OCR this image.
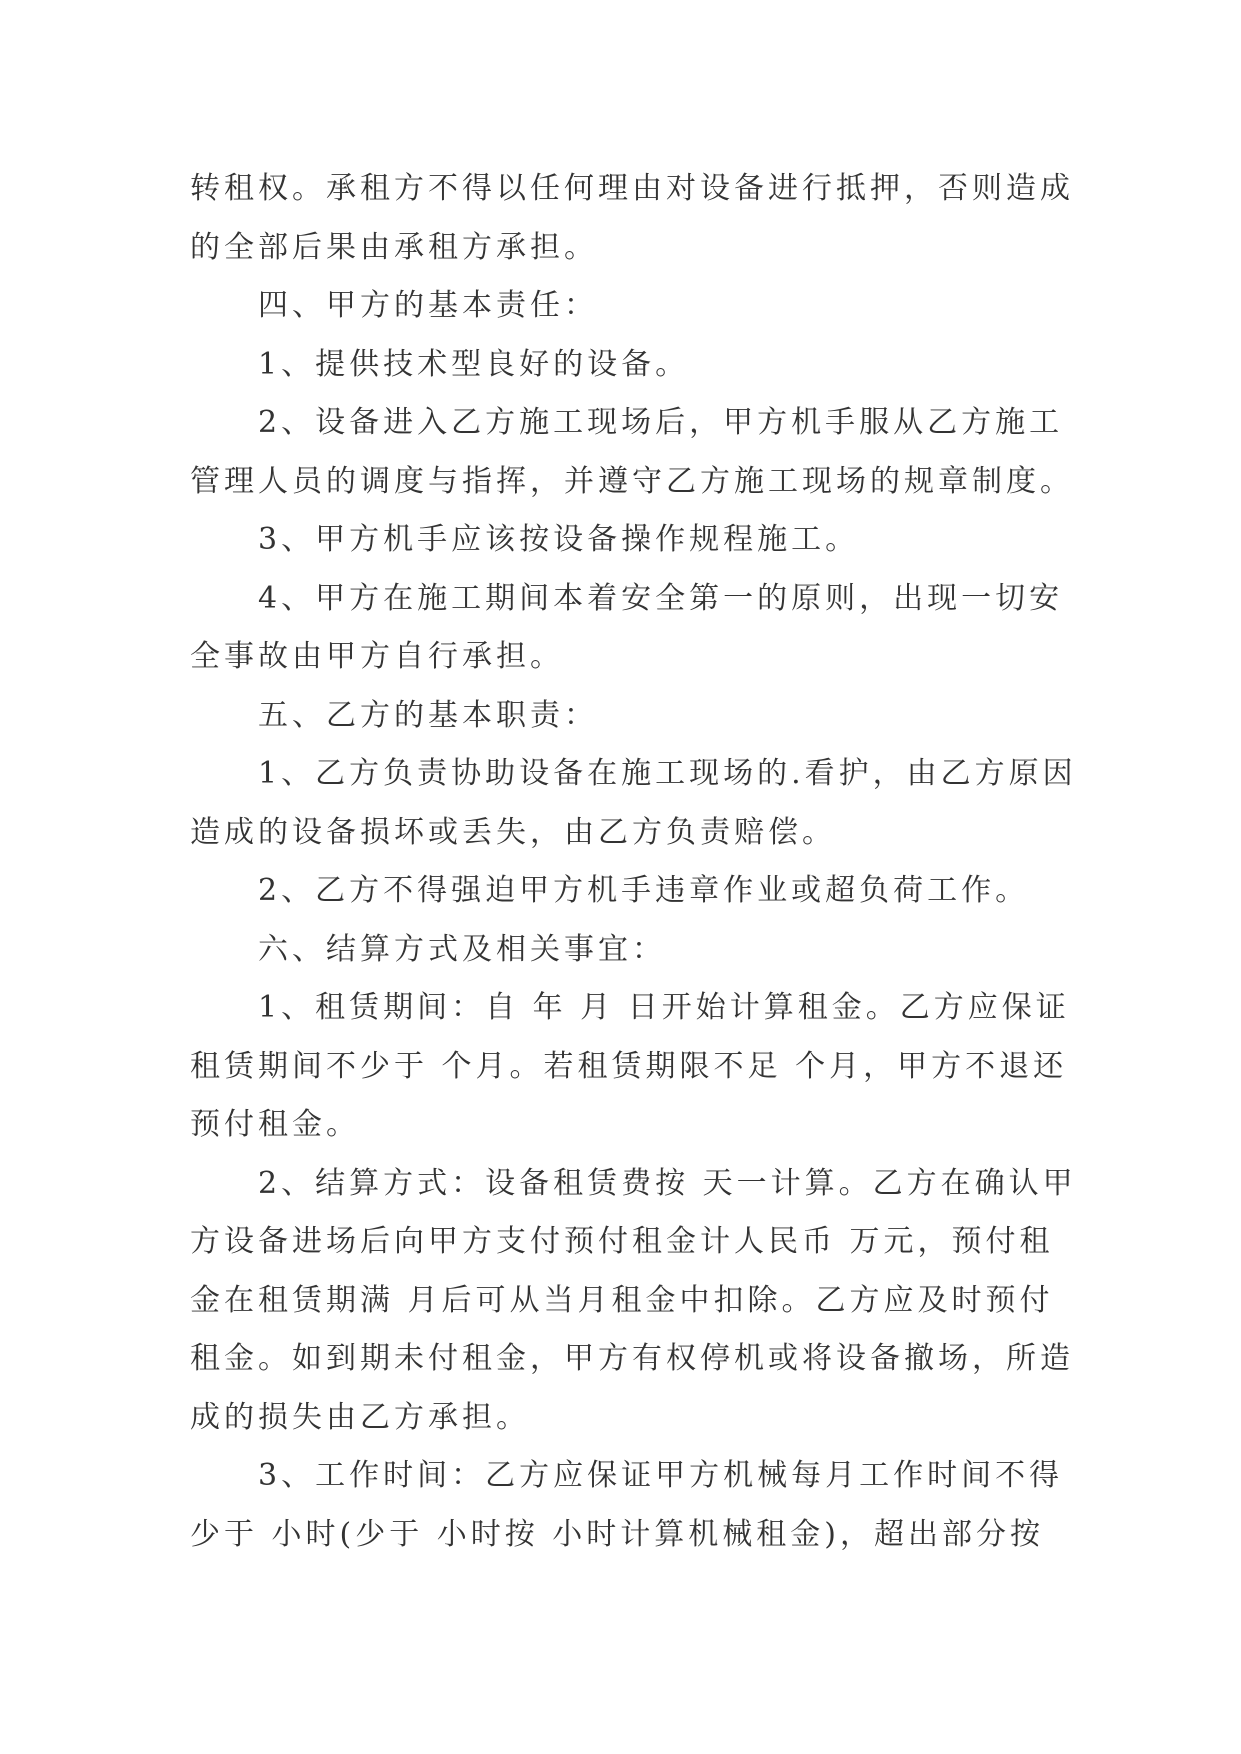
转租权。承租方不得以任何理由对设备进行抵押，否则造成
的全部后果由承租方承担。
四、甲方的基本责任：
1、提供技术型良好的设备。
2、设备进入乙方施工现场后，甲方机手服从乙方施工
管理人员的调度与指挥，并遵守乙方施工现场的规章制度。
3、甲方机手应该按设备操作规程施工。
4、甲方在施工期间本着安全第一的原则，出现一切安
全事故由甲方自行承担。
五、乙方的基本职责：
1、乙方负责协助设备在施工现场的.看护，由乙方原因
造成的设备损坏或丢失，由乙方负责赔偿。
2、乙方不得强迫甲方机手违章作业或超负荷工作。
六、结算方式及相关事宜：
1、租赁期间：自 年 月 日开始计算租金。乙方应保证
租赁期间不少于 个月。若租赁期限不足 个月，甲方不退还
预付租金。
2、结算方式：设备租赁费按 天一计算。乙方在确认甲
方设备进场后向甲方支付预付租金计人民币 万元，预付租
金在租赁期满 月后可从当月租金中扣除。乙方应及时预付
租金。如到期未付租金，甲方有权停机或将设备撤场，所造
成的损失由乙方承担。
3、工作时间：乙方应保证甲方机械每月工作时间不得
少于 小时(少于 小时按 小时计算机械租金)，超出部分按
